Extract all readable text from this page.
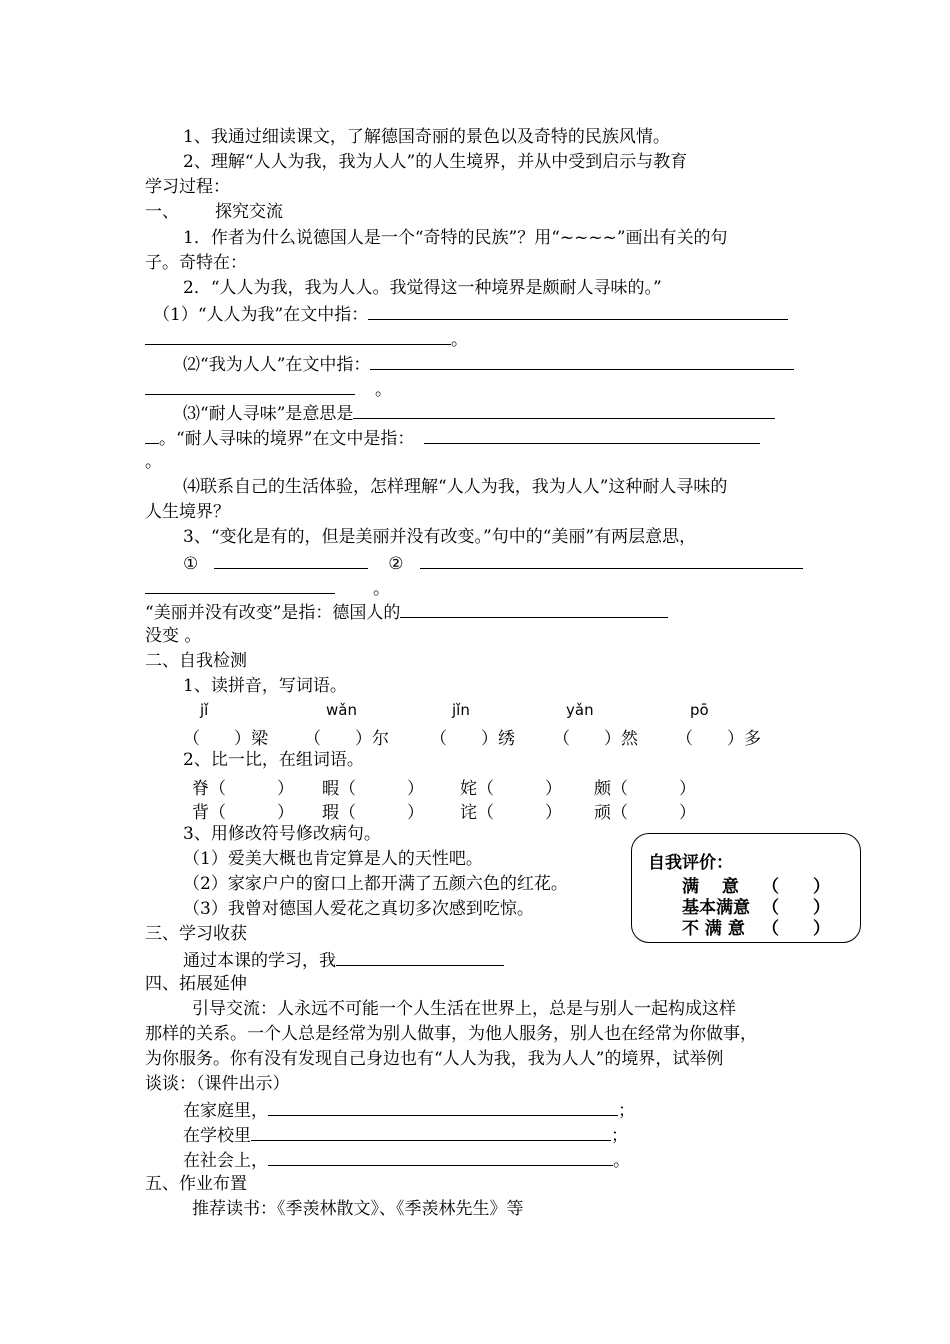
1、我通过细读课文，了解德国奇丽的景色以及奇特的民族风情。
2、理解“人人为我，我为人人”的人生境界，并从中受到启示与教育
学习过程：
一、 探究交流
1．作者为什么说德国人是一个“奇特的民族”？用“~~~~”画出有关的句
子。奇特在：
2．“人人为我，我为人人。我觉得这一种境界是颇耐人寻味的。”
（1）“人人为我”在文中指：
。
⑵“我为人人”在文中指：
。
⑶“耐人寻味”是意思是
。“耐人寻味的境界”在文中是指：
。
⑷联系自己的生活体验，怎样理解“人人为我，我为人人”这种耐人寻味的
人生境界？
3、“变化是有的，但是美丽并没有改变。”句中的“美丽”有两层意思，
①	②
。
“美丽并没有改变”是指：德国人的
没变 。
二、自我检测
1、读拼音，写词语。
jǐ	wǎn	jǐn	yǎn	pō
（　　）梁 （　　）尔 （　　）绣 （　　）然 （　　）多
2、比一比，在组词语。
脊（　　　） 暇（　　　） 姹（　　　） 颇（　　　）
背（　　　） 瑕（　　　） 诧（　　　） 顽（　　　）
3、用修改符号修改病句。
（1）爱美大概也肯定算是人的天性吧。
（2）家家户户的窗口上都开满了五颜六色的红花。
（3）我曾对德国人爱花之真切多次感到吃惊。
自我评价：
满　 意 （　　）
基本满意 （　　）
不 满 意 （　　）
三、学习收获
通过本课的学习，我
四、拓展延伸
引导交流：人永远不可能一个人生活在世界上，总是与别人一起构成这样
那样的关系。一个人总是经常为别人做事，为他人服务，别人也在经常为你做事，
为你服务。你有没有发现自己身边也有“人人为我，我为人人”的境界，试举例
谈谈：（课件出示）
在家庭里，	；
在学校里	；
在社会上，	。
五、作业布置
推荐读书：《季羡林散文》、《季羡林先生》等
